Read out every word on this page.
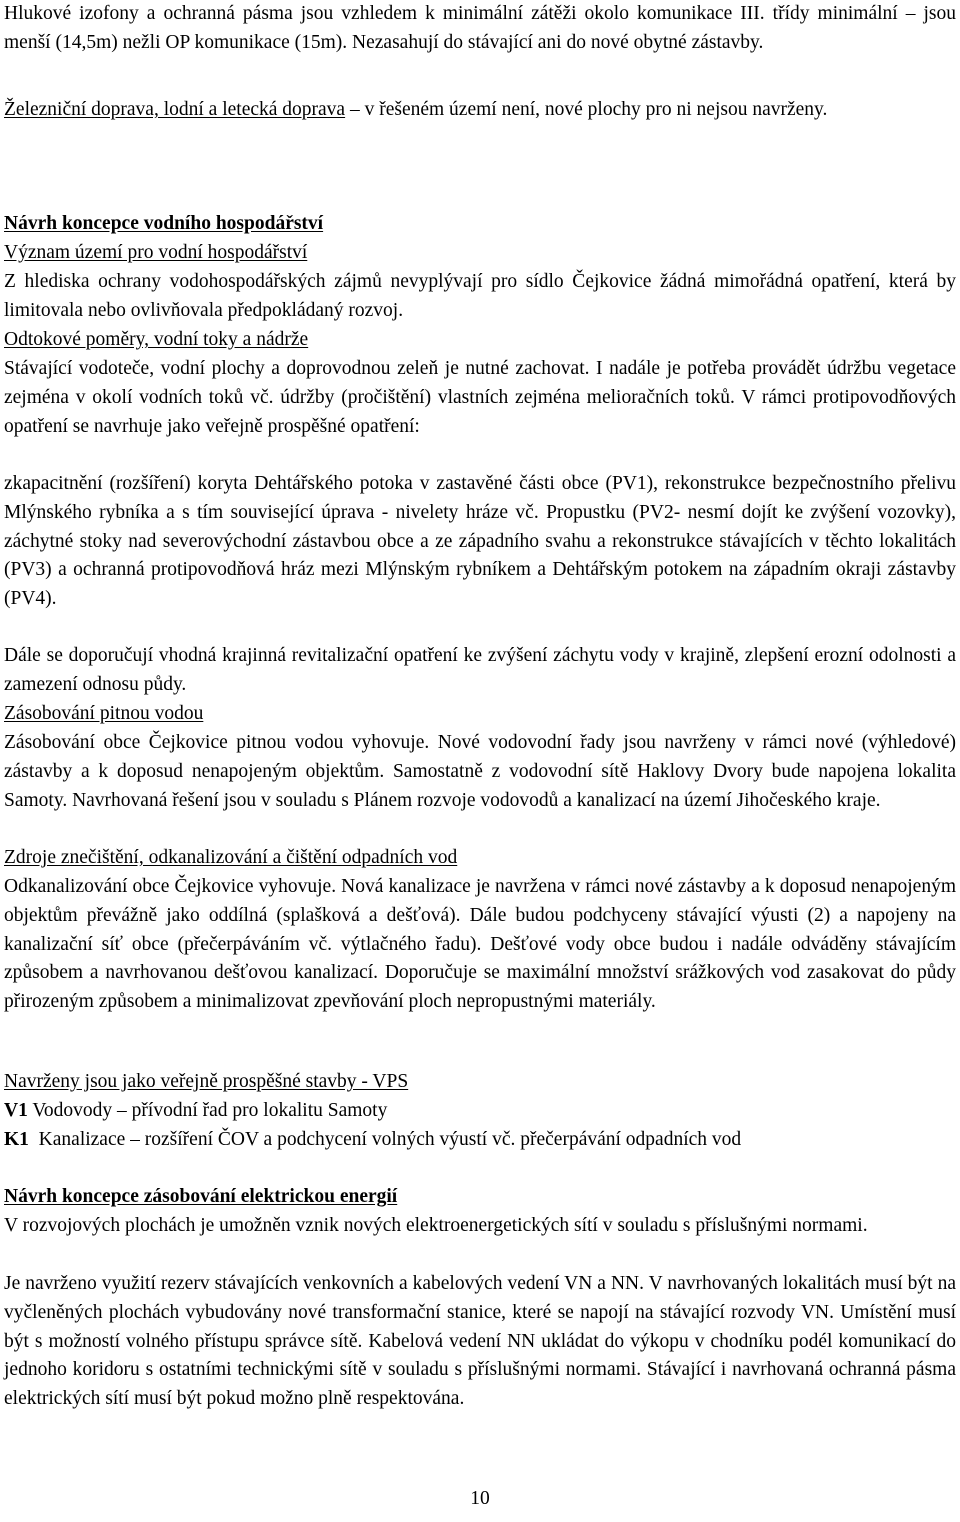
Hlukové izofony a ochranná pásma jsou vzhledem k minimální zátěži okolo komunikace III. třídy minimální – jsou menší (14,5m) nežli OP komunikace (15m). Nezasahují do stávající ani do nové obytné zástavby.

Železniční doprava, lodní a letecká doprava – v řešeném území není, nové plochy pro ni nejsou navrženy.

Návrh koncepce vodního hospodářství
Význam území pro vodní hospodářství

Z hlediska ochrany vodohospodářských zájmů nevyplývají pro sídlo Čejkovice žádná mimořádná opatření, která by limitovala nebo ovlivňovala předpokládaný rozvoj.

Odtokové poměry, vodní toky a nádrže

Stávající vodoteče, vodní plochy a doprovodnou zeleň je nutné zachovat. I nadále je potřeba provádět údržbu vegetace zejména v okolí vodních toků vč. údržby (pročištění) vlastních zejména melioračních toků. V rámci protipovodňových opatření se navrhuje jako veřejně prospěšné opatření:

zkapacitnění (rozšíření) koryta Dehtářského potoka v zastavěné části obce (PV1), rekonstrukce bezpečnostního přelivu Mlýnského rybníka a s tím související úprava - nivelety hráze vč. Propustku (PV2- nesmí dojít ke zvýšení vozovky), záchytné stoky nad severovýchodní zástavbou obce a ze západního svahu a rekonstrukce stávajících v těchto lokalitách (PV3) a ochranná protipovodňová hráz mezi Mlýnským rybníkem a Dehtářským potokem na západním okraji zástavby (PV4).

Dále se doporučují vhodná krajinná revitalizační opatření ke zvýšení záchytu vody v krajině, zlepšení erozní odolnosti a zamezení odnosu půdy.

Zásobování pitnou vodou

Zásobování obce Čejkovice pitnou vodou vyhovuje. Nové vodovodní řady jsou navrženy v rámci nové (výhledové) zástavby a k doposud nenapojeným objektům. Samostatně z vodovodní sítě Haklovy Dvory bude napojena lokalita Samoty. Navrhovaná řešení jsou v souladu s Plánem rozvoje vodovodů a kanalizací na území Jihočeského kraje.

Zdroje znečištění, odkanalizování a čištění odpadních vod

Odkanalizování obce Čejkovice vyhovuje. Nová kanalizace je navržena v rámci nové zástavby a k doposud nenapojeným objektům převážně jako oddílná (splašková a dešťová). Dále budou podchyceny stávající výusti (2) a napojeny na kanalizační síť obce (přečerpáváním vč. výtlačného řadu). Dešťové vody obce budou i nadále odváděny stávajícím způsobem a navrhovanou dešťovou kanalizací. Doporučuje se maximální množství srážkových vod zasakovat do půdy přirozeným způsobem a minimalizovat zpevňování ploch nepropustnými materiály.

Navrženy jsou jako veřejně prospěšné stavby - VPS
V1 Vodovody – přívodní řad pro lokalitu Samoty
K1  Kanalizace – rozšíření ČOV a podchycení volných výustí vč. přečerpávání odpadních vod
Návrh koncepce zásobování elektrickou energií

V rozvojových plochách je umožněn vznik nových elektroenergetických sítí v souladu s příslušnými normami.

Je navrženo využití rezerv stávajících venkovních a kabelových vedení VN a NN. V navrhovaných lokalitách musí být na vyčleněných plochách vybudovány nové transformační stanice, které se napojí na stávající rozvody VN. Umístění musí být s možností volného přístupu správce sítě. Kabelová vedení NN ukládat do výkopu v chodníku podél komunikací do jednoho koridoru s ostatními technickými sítě v souladu s příslušnými normami. Stávající i navrhovaná ochranná pásma elektrických sítí musí být pokud možno plně respektována.

10
